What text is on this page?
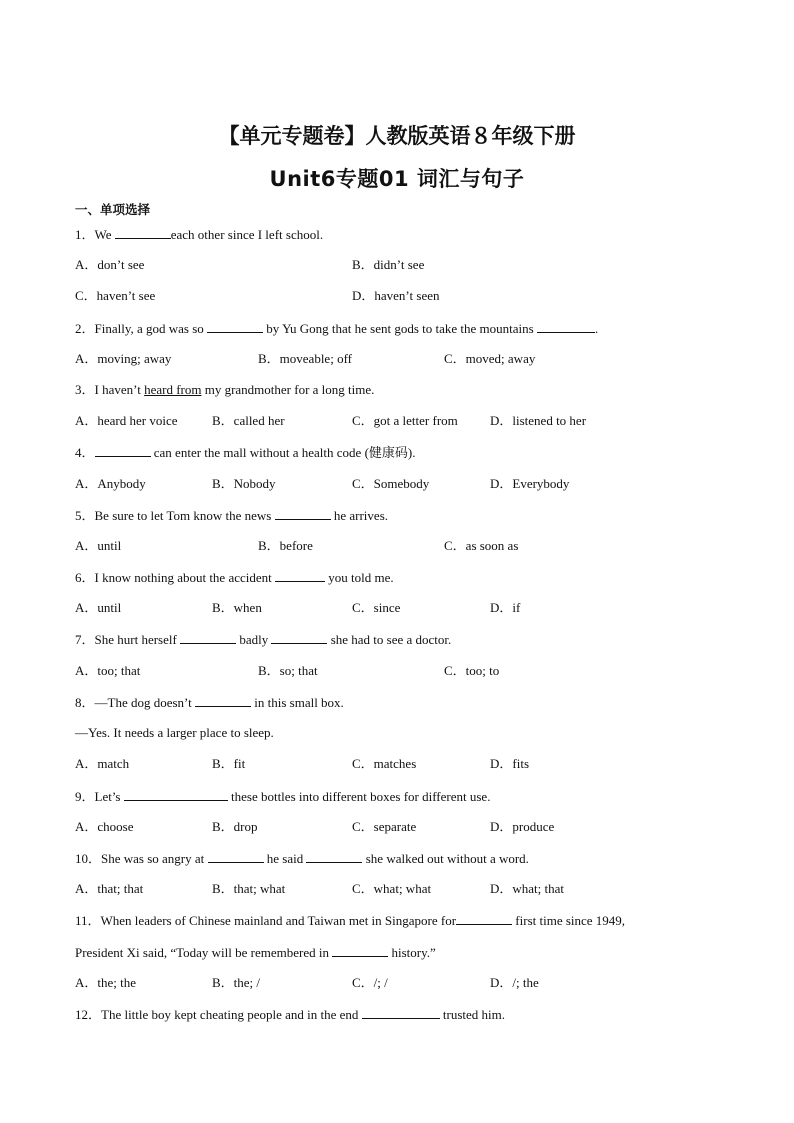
【单元专题卷】人教版英语８年级下册
Unit6专题01 词汇与句子
一、单项选择
1．We	each other since I left school.
A．don’t see	B．didn’t see
C．haven’t see	D．haven’t seen
2．Finally, a god was so	by Yu Gong that he sent gods to take the mountains	.
A．moving; away	B．moveable; off	C．moved; away
3．I haven’t heard from my grandmother for a long time.
A．heard her voice	B．called her	C．got a letter from D．listened to her
4．	can enter the mall without a health code (健康码).
A．Anybody	B．Nobody	C．Somebody	D．Everybody
5．Be sure to let Tom know the news	he arrives.
A．until	B．before	C．as soon as
6．I know nothing about the accident	you told me.
A．until	B．when	C．since	D．if
7．She hurt herself	badly	she had to see a doctor.
A．too; that	B．so; that	C．too; to
8．—The dog doesn’t	in this small box.
—Yes. It needs a larger place to sleep.
A．match	B．fit	C．matches	D．fits
9．Let’s	these bottles into different boxes for different use.
A．choose	B．drop	C．separate	D．produce
10．She was so angry at	he said	she walked out without a word.
A．that; that	B．that; what	C．what; what	D．what; that
11．When leaders of Chinese mainland and Taiwan met in Singapore for	first time since 1949,
President Xi said, “Today will be remembered in	history.”
A．the; the	B．the; /	C．/; /	D．/; the
12．The little boy kept cheating people and in the end	trusted him.
